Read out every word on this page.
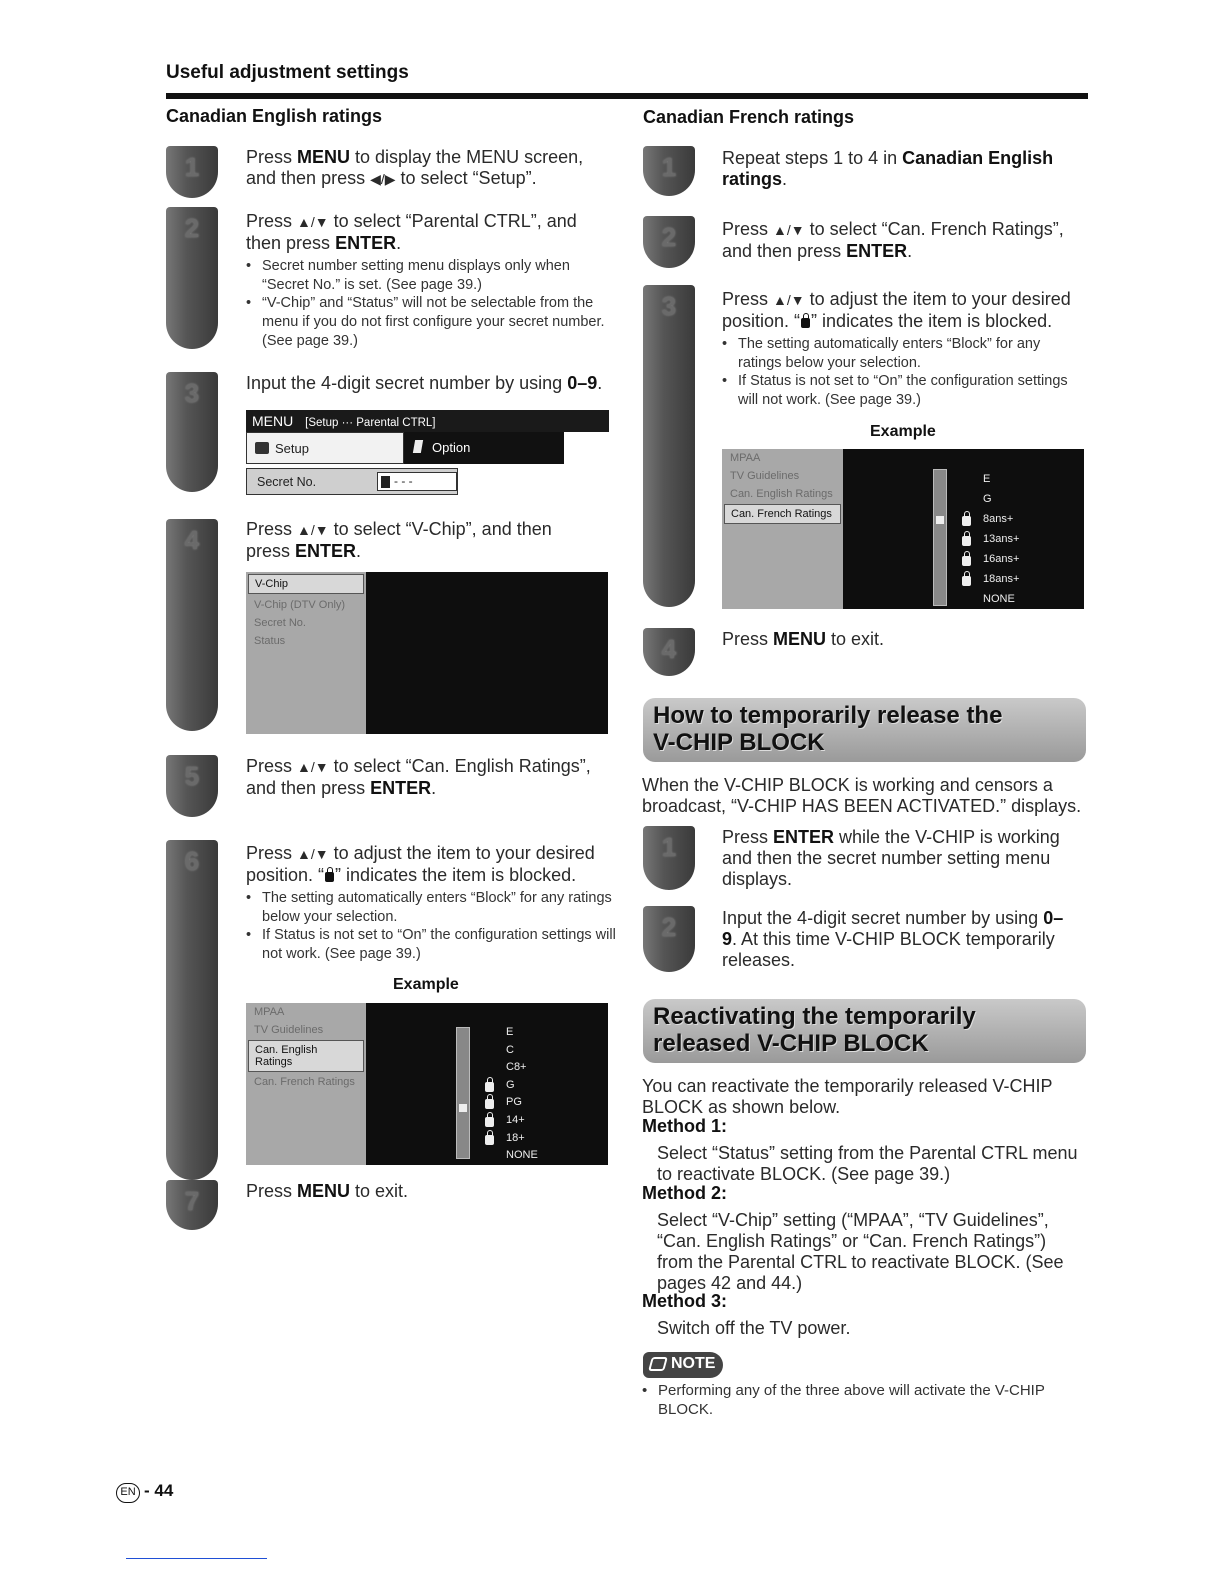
Useful adjustment settings
Canadian English ratings
1
2
3
4
5
6
7
Press MENU to display the MENU screen,
and then press ◀/▶ to select “Setup”.
Press ▲/▼ to select “Parental CTRL”, and
then press ENTER.
• Secret number setting menu displays only when “Secret No.” is set. (See page 39.)
• “V-Chip” and “Status” will not be selectable from the menu if you do not first configure your secret number. (See page 39.)
Input the 4-digit secret number by using 0–9.
MENU [Setup ··· Parental CTRL]
Setup	Option
Secret No.	- - -
Press ▲/▼ to select “V-Chip”, and then
press ENTER.
V-Chip
V-Chip (DTV Only)
Secret No.
Status
Press ▲/▼ to select “Can. English Ratings”,
and then press ENTER.
Press ▲/▼ to adjust the item to your desired
position. “ ” indicates the item is blocked.
• The setting automatically enters “Block” for any ratings below your selection.
• If Status is not set to “On” the configuration settings will not work. (See page 39.)
Example
MPAA
TV Guidelines
Can. English Ratings
Can. French Ratings
E
C
C8+
G
PG
14+
18+
NONE
Press MENU to exit.
Canadian French ratings
1
2
3
4
Repeat steps 1 to 4 in Canadian English
ratings.
Press ▲/▼ to select “Can. French Ratings”,
and then press ENTER.
Press ▲/▼ to adjust the item to your desired
position. “ ” indicates the item is blocked.
• The setting automatically enters “Block” for any ratings below your selection.
• If Status is not set to “On” the configuration settings will not work. (See page 39.)
Example
MPAA
TV Guidelines
Can. English Ratings
Can. French Ratings
E
G
8ans+
13ans+
16ans+
18ans+
NONE
Press MENU to exit.
How to temporarily release the
V-CHIP BLOCK
When the V-CHIP BLOCK is working and censors a
broadcast, “V-CHIP HAS BEEN ACTIVATED.” displays.
1
2
Press ENTER while the V-CHIP is working
and then the secret number setting menu
displays.
Input the 4-digit secret number by using 0–
9. At this time V-CHIP BLOCK temporarily
releases.
Reactivating the temporarily
released V-CHIP BLOCK
You can reactivate the temporarily released V-CHIP
BLOCK as shown below.
Method 1:
Select “Status” setting from the Parental CTRL menu
to reactivate BLOCK. (See page 39.)
Method 2:
Select “V-Chip” setting (“MPAA”, “TV Guidelines”,
“Can. English Ratings” or “Can. French Ratings”)
from the Parental CTRL to reactivate BLOCK. (See
pages 42 and 44.)
Method 3:
Switch off the TV power.
NOTE
• Performing any of the three above will activate the V-CHIP
BLOCK.
EN - 44
